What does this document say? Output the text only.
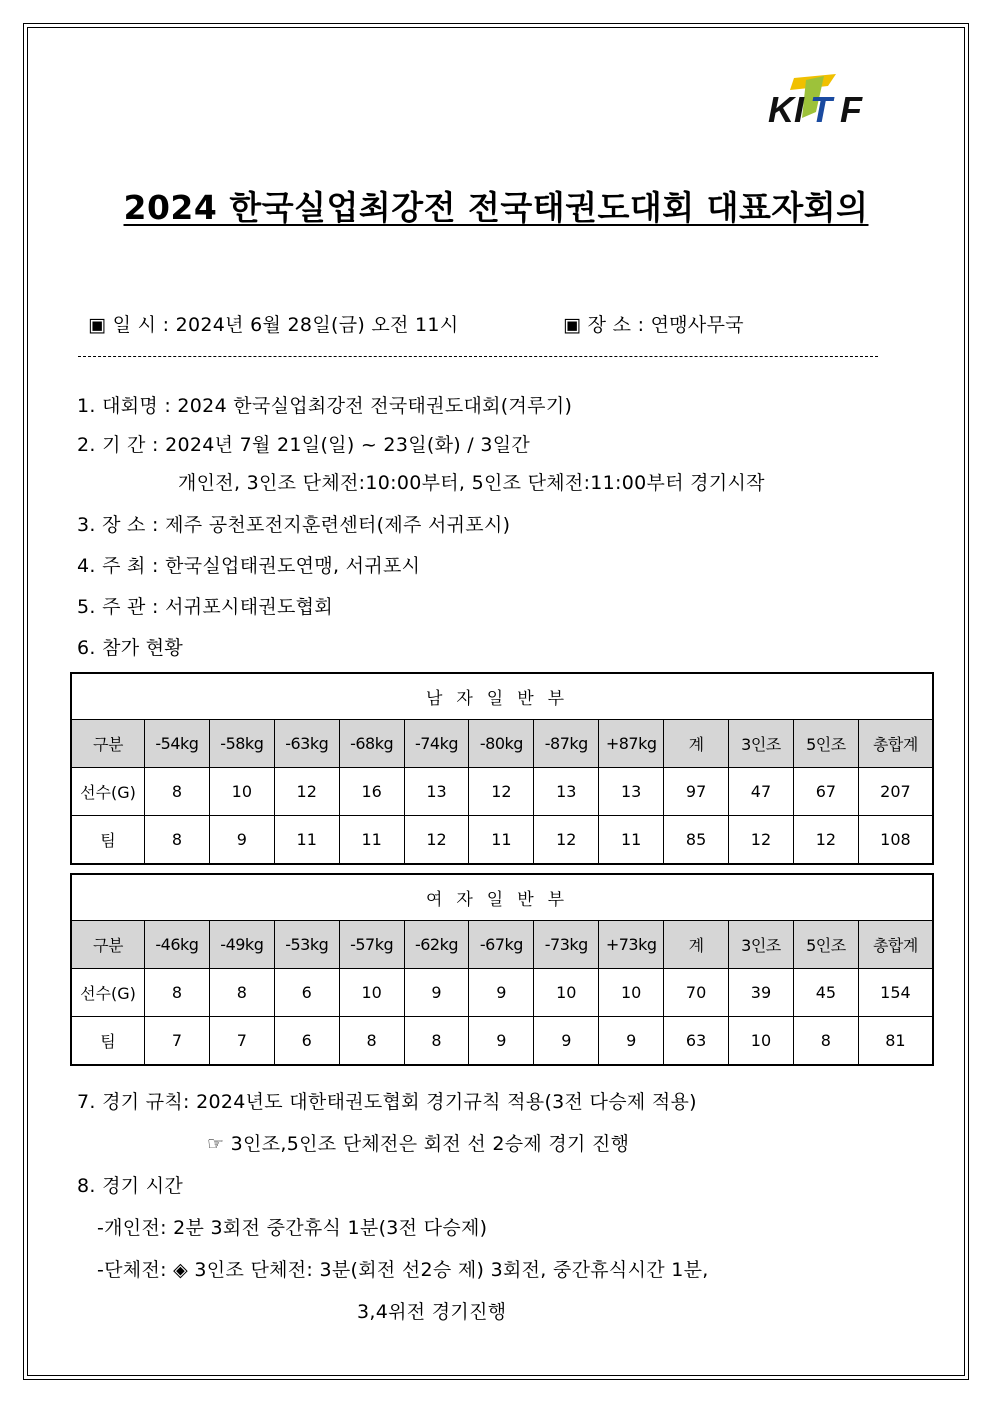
K I T F
2024 한국실업최강전 전국태권도대회 대표자회의
▣ 일 시 : 2024년 6월 28일(금) 오전 11시	▣ 장 소 : 연맹사무국
1. 대회명 : 2024 한국실업최강전 전국태권도대회(겨루기)
2. 기 간 : 2024년 7월 21일(일) ~ 23일(화) / 3일간
개인전, 3인조 단체전:10:00부터, 5인조 단체전:11:00부터 경기시작
3. 장 소 : 제주 공천포전지훈련센터(제주 서귀포시)
4. 주 최 : 한국실업태권도연맹, 서귀포시
5. 주 관 : 서귀포시태권도협회
6. 참가 현황
남자일반부												
구분	-54kg	-58kg	-63kg	-68kg	-74kg	-80kg	-87kg	+87kg	계	3인조	5인조	총합계
선수(G)	8	10	12	16	13	12	13	13	97	47	67	207
팀	8	9	11	11	12	11	12	11	85	12	12	108
여자일반부												
구분	-46kg	-49kg	-53kg	-57kg	-62kg	-67kg	-73kg	+73kg	계	3인조	5인조	총합계
선수(G)	8	8	6	10	9	9	10	10	70	39	45	154
팀	7	7	6	8	8	9	9	9	63	10	8	81
7. 경기 규칙: 2024년도 대한태권도협회 경기규칙 적용(3전 다승제 적용)
☞ 3인조,5인조 단체전은 회전 선 2승제 경기 진행
8. 경기 시간
-개인전: 2분 3회전 중간휴식 1분(3전 다승제)
-단체전: ◈ 3인조 단체전: 3분(회전 선2승 제) 3회전, 중간휴식시간 1분,
3,4위전 경기진행
